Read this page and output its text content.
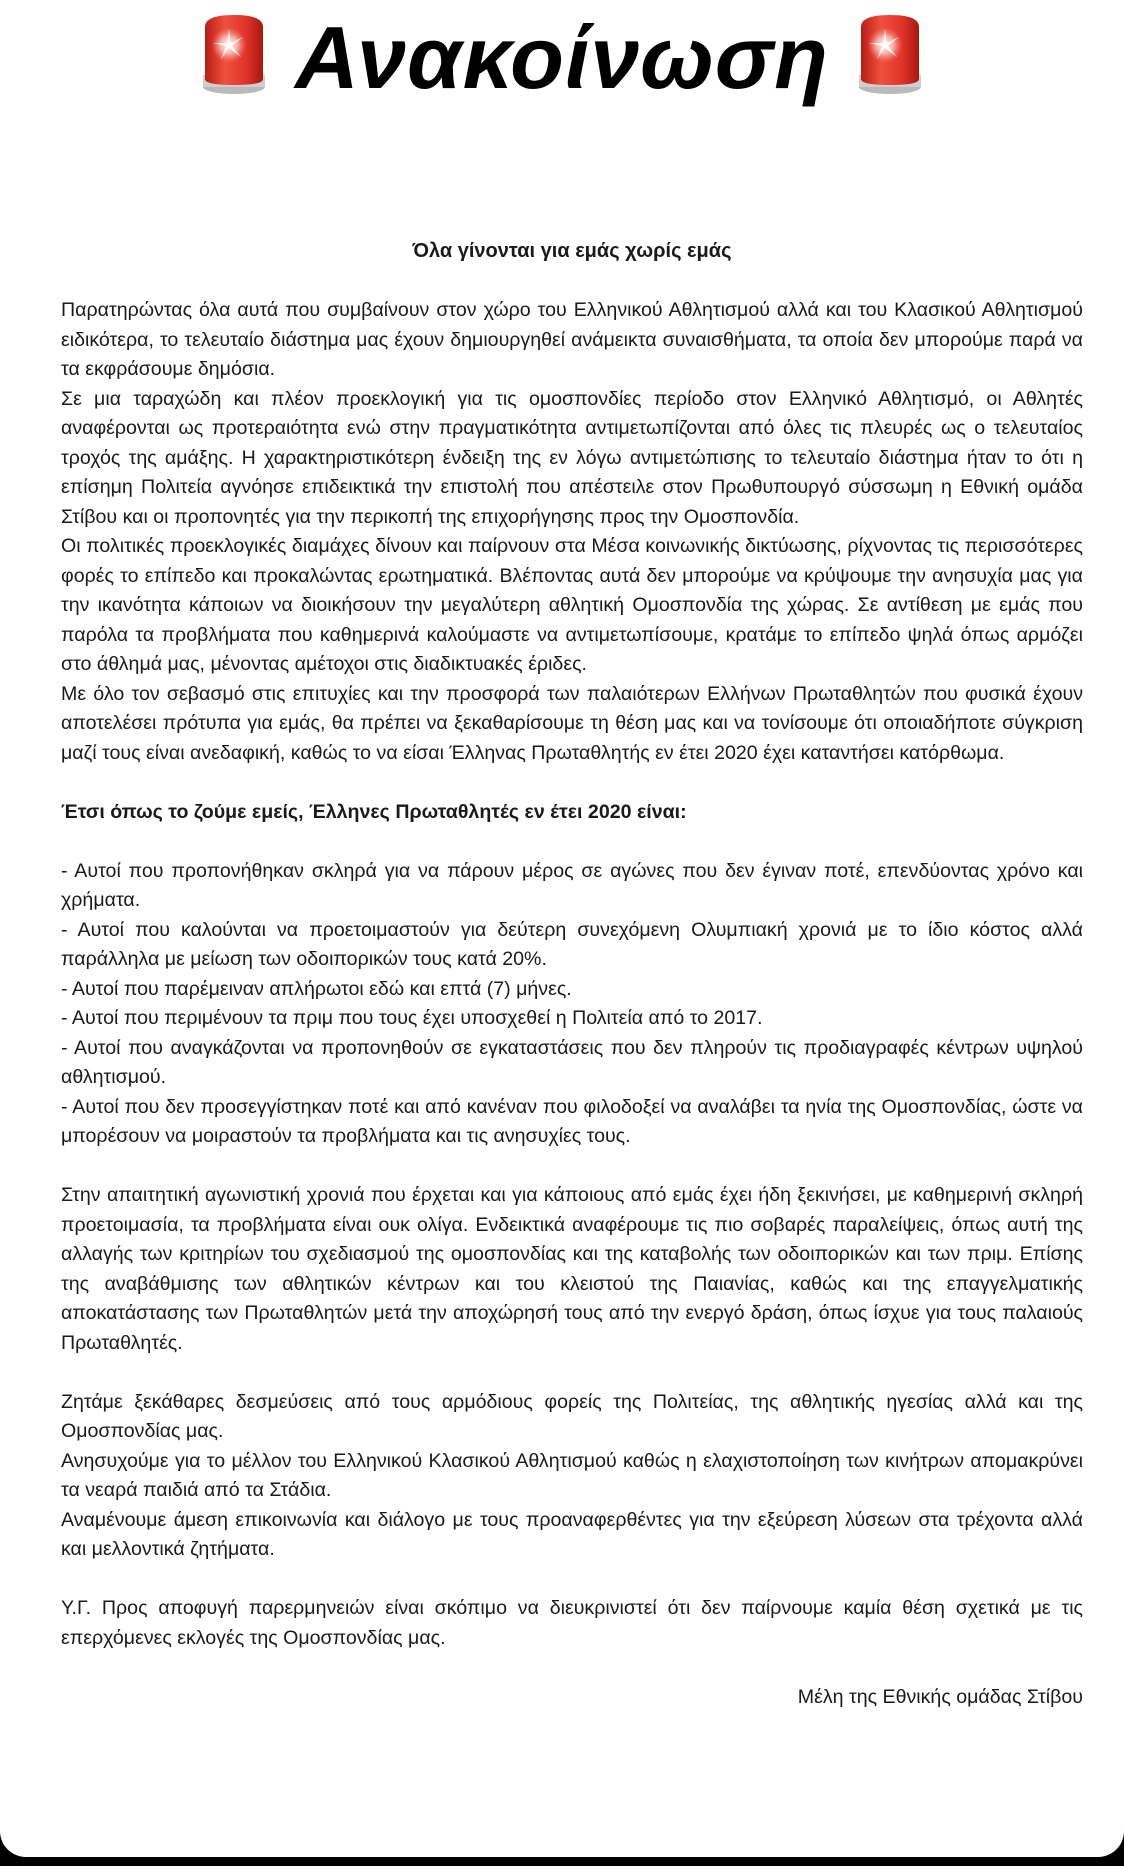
Ανακοίνωση
Όλα γίνονται για εμάς χωρίς εμάς

Παρατηρώντας όλα αυτά που συμβαίνουν στον χώρο του Ελληνικού Αθλητισμού αλλά και του Κλασικού Αθλητισμού ειδικότερα, το τελευταίο διάστημα μας έχουν δημιουργηθεί ανάμεικτα συναισθήματα, τα οποία δεν μπορούμε παρά να τα εκφράσουμε δημόσια.

Σε μια ταραχώδη και πλέον προεκλογική για τις ομοσπονδίες περίοδο στον Ελληνικό Αθλητισμό, οι Αθλητές αναφέρονται ως προτεραιότητα ενώ στην πραγματικότητα αντιμετωπίζονται από όλες τις πλευρές ως ο τελευταίος τροχός της αμάξης. Η χαρακτηριστικότερη ένδειξη της εν λόγω αντιμετώπισης το τελευταίο διάστημα ήταν το ότι η επίσημη Πολιτεία αγνόησε επιδεικτικά την επιστολή που απέστειλε στον Πρωθυπουργό σύσσωμη η Εθνική ομάδα Στίβου και οι προπονητές για την περικοπή της επιχορήγησης προς την Ομοσπονδία.

Οι πολιτικές προεκλογικές διαμάχες δίνουν και παίρνουν στα Μέσα κοινωνικής δικτύωσης, ρίχνοντας τις περισσότερες φορές το επίπεδο και προκαλώντας ερωτηματικά. Βλέποντας αυτά δεν μπορούμε να κρύψουμε την ανησυχία μας για την ικανότητα κάποιων να διοικήσουν την μεγαλύτερη αθλητική Ομοσπονδία της χώρας. Σε αντίθεση με εμάς που παρόλα τα προβλήματα που καθημερινά καλούμαστε να αντιμετωπίσουμε, κρατάμε το επίπεδο ψηλά όπως αρμόζει στο άθλημά μας, μένοντας αμέτοχοι στις διαδικτυακές έριδες.

Με όλο τον σεβασμό στις επιτυχίες και την προσφορά των παλαιότερων Ελλήνων Πρωταθλητών που φυσικά έχουν αποτελέσει πρότυπα για εμάς, θα πρέπει να ξεκαθαρίσουμε τη θέση μας και να τονίσουμε ότι οποιαδήποτε σύγκριση μαζί τους είναι ανεδαφική, καθώς το να είσαι Έλληνας Πρωταθλητής εν έτει 2020 έχει καταντήσει κατόρθωμα.

Έτσι όπως το ζούμε εμείς, Έλληνες Πρωταθλητές εν έτει 2020 είναι:

- Αυτοί που προπονήθηκαν σκληρά για να πάρουν μέρος σε αγώνες που δεν έγιναν ποτέ, επενδύοντας χρόνο και χρήματα.

- Αυτοί που καλούνται να προετοιμαστούν για δεύτερη συνεχόμενη Ολυμπιακή χρονιά με το ίδιο κόστος αλλά παράλληλα με μείωση των οδοιπορικών τους κατά 20%.

- Αυτοί που παρέμειναν απλήρωτοι εδώ και επτά (7) μήνες.

- Αυτοί που περιμένουν τα πριμ που τους έχει υποσχεθεί η Πολιτεία από το 2017.

- Αυτοί που αναγκάζονται να προπονηθούν σε εγκαταστάσεις που δεν πληρούν τις προδιαγραφές κέντρων υψηλού αθλητισμού.

- Αυτοί που δεν προσεγγίστηκαν ποτέ και από κανέναν που φιλοδοξεί να αναλάβει τα ηνία της Ομοσπονδίας, ώστε να μπορέσουν να μοιραστούν τα προβλήματα και τις ανησυχίες τους.

Στην απαιτητική αγωνιστική χρονιά που έρχεται και για κάποιους από εμάς έχει ήδη ξεκινήσει, με καθημερινή σκληρή προετοιμασία, τα προβλήματα είναι ουκ ολίγα. Ενδεικτικά αναφέρουμε τις πιο σοβαρές παραλείψεις, όπως αυτή της αλλαγής των κριτηρίων του σχεδιασμού της ομοσπονδίας και της καταβολής των οδοιπορικών και των πριμ. Επίσης της αναβάθμισης των αθλητικών κέντρων και του κλειστού της Παιανίας, καθώς και της επαγγελματικής αποκατάστασης των Πρωταθλητών μετά την αποχώρησή τους από την ενεργό δράση, όπως ίσχυε για τους παλαιούς Πρωταθλητές.

Ζητάμε ξεκάθαρες δεσμεύσεις από τους αρμόδιους φορείς της Πολιτείας, της αθλητικής ηγεσίας αλλά και της Ομοσπονδίας μας.

Ανησυχούμε για το μέλλον του Ελληνικού Κλασικού Αθλητισμού καθώς η ελαχιστοποίηση των κινήτρων απομακρύνει τα νεαρά παιδιά από τα Στάδια.

Αναμένουμε άμεση επικοινωνία και διάλογο με τους προαναφερθέντες για την εξεύρεση λύσεων στα τρέχοντα αλλά και μελλοντικά ζητήματα.

Υ.Γ. Προς αποφυγή παρερμηνειών είναι σκόπιμο να διευκρινιστεί ότι δεν παίρνουμε καμία θέση σχετικά με τις επερχόμενες εκλογές της Ομοσπονδίας μας.

Μέλη της Εθνικής ομάδας Στίβου
